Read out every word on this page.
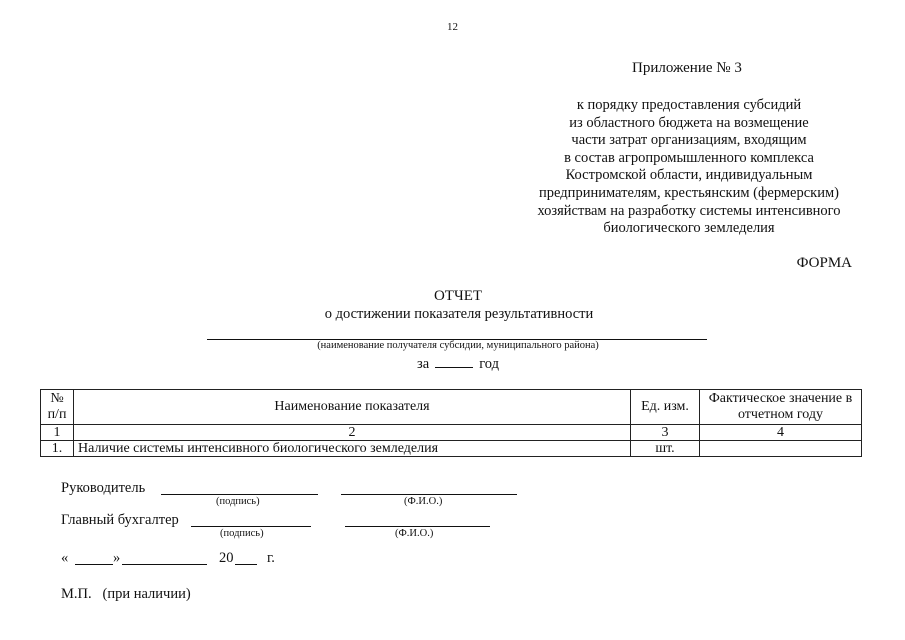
12
Приложение № 3
к порядку предоставления субсидий
из областного бюджета на возмещение
части затрат организациям, входящим
в состав агропромышленного комплекса
Костромской области, индивидуальным
предпринимателям, крестьянским (фермерским)
хозяйствам на разработку системы интенсивного
биологического земледелия
ФОРМА
ОТЧЕТ
о достижении показателя результативности
(наименование получателя субсидии, муниципального района)
за	год
№ п/п	Наименование показателя	Ед. изм.	Фактическое значение в отчетном году
1	2	3	4
1.	Наличие системы интенсивного биологического земледелия	шт.	
Руководитель
(подпись)	(Ф.И.О.)
Главный бухгалтер
(подпись)	(Ф.И.О.)
«	»	20 г.
М.П.   (при наличии)
